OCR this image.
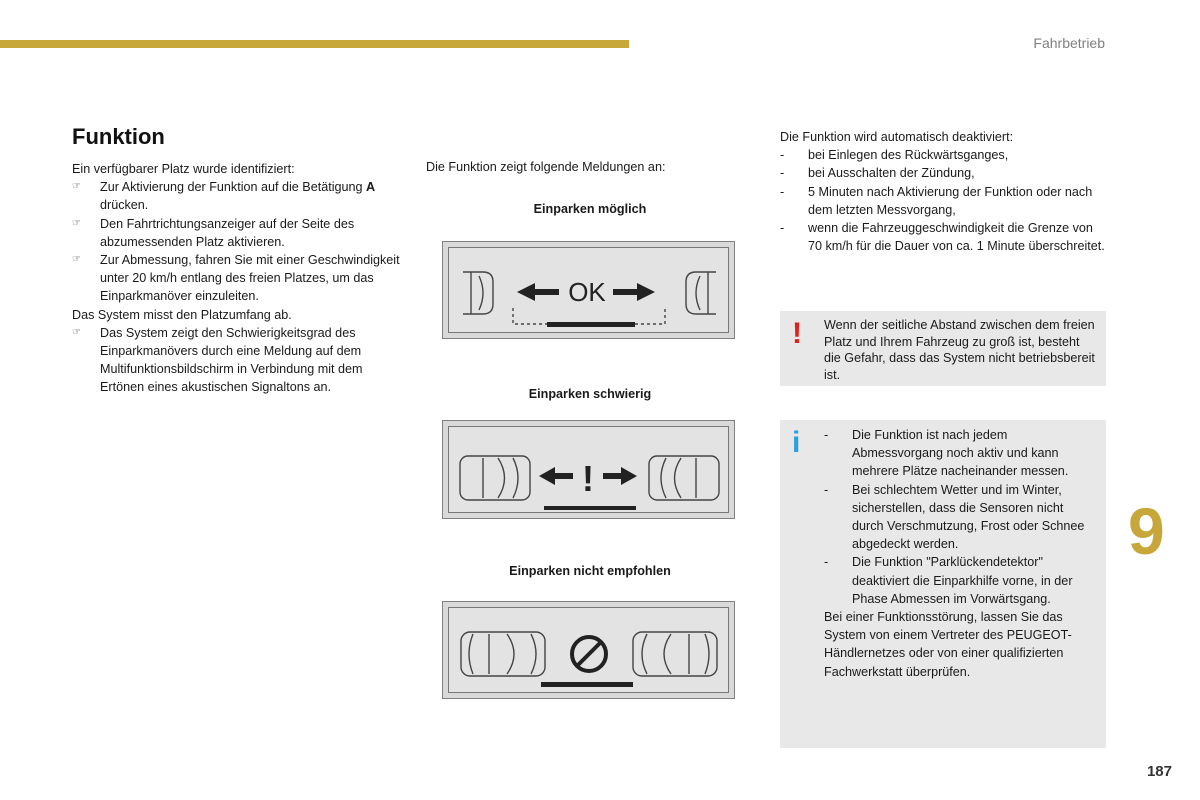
Fahrbetrieb
9
187
Funktion

Ein verfügbarer Platz wurde identifiziert:

☞	Zur Aktivierung der Funktion auf die Betätigung A drücken.
☞	Den Fahrtrichtungsanzeiger auf der Seite des abzumessenden Platz aktivieren.
☞	Zur Abmessung, fahren Sie mit einer Geschwindigkeit unter 20 km/h entlang des freien Platzes, um das Einparkmanöver einzuleiten.

Das System misst den Platzumfang ab.

☞	Das System zeigt den Schwierigkeitsgrad des Einparkmanövers durch eine Meldung auf dem Multifunktionsbildschirm in Verbindung mit dem Ertönen eines akustischen Signaltons an.
Die Funktion zeigt folgende Meldungen an:
Einparken möglich
OK
Einparken schwierig
!
Einparken nicht empfohlen

Die Funktion wird automatisch deaktiviert:

-	bei Einlegen des Rückwärtsganges,
-	bei Ausschalten der Zündung,
-	5 Minuten nach Aktivierung der Funktion oder nach dem letzten Messvorgang,
-	wenn die Fahrzeuggeschwindigkeit die Grenze von 70 km/h für die Dauer von ca. 1 Minute überschreitet.
! Wenn der seitliche Abstand zwischen dem freien Platz und Ihrem Fahrzeug zu groß ist, besteht die Gefahr, dass das System nicht betriebsbereit ist.
i -	Die Funktion ist nach jedem Abmessvorgang noch aktiv und kann mehrere Plätze nacheinander messen.
-	Bei schlechtem Wetter und im Winter, sicherstellen, dass die Sensoren nicht durch Verschmutzung, Frost oder Schnee abgedeckt werden.
-	Die Funktion "Parklückendetektor" deaktiviert die Einparkhilfe vorne, in der Phase Abmessen im Vorwärtsgang.
Bei einer Funktionsstörung, lassen Sie das System von einem Vertreter des PEUGEOT-Händlernetzes oder von einer qualifizierten Fachwerkstatt überprüfen.
